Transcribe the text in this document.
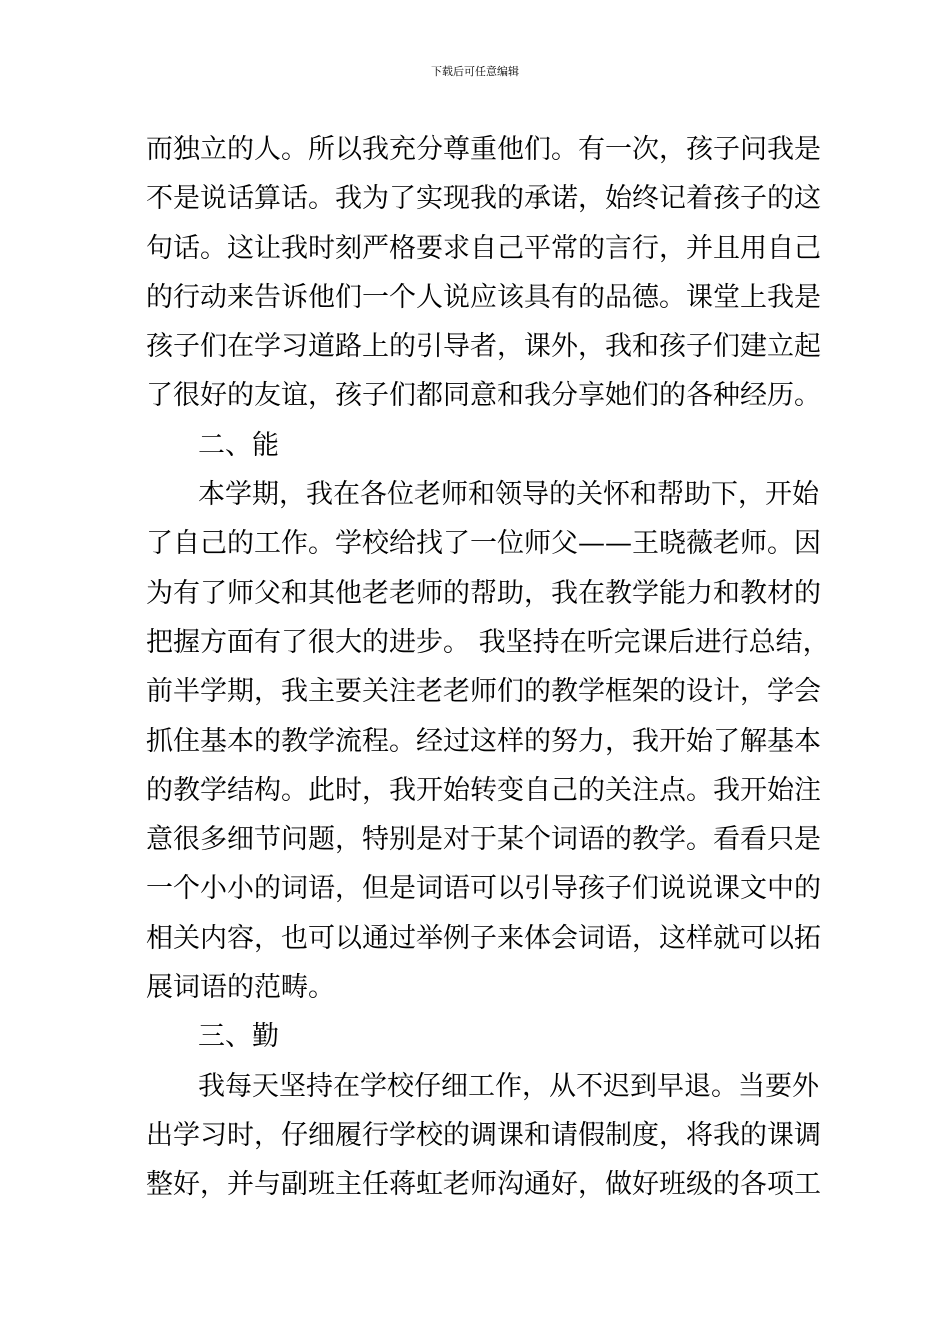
下载后可任意编辑
而独立的人。所以我充分尊重他们。有一次，孩子问我是
不是说话算话。我为了实现我的承诺，始终记着孩子的这
句话。这让我时刻严格要求自己平常的言行，并且用自己
的行动来告诉他们一个人说应该具有的品德。课堂上我是
孩子们在学习道路上的引导者，课外，我和孩子们建立起
了很好的友谊，孩子们都同意和我分享她们的各种经历。
二、能
本学期，我在各位老师和领导的关怀和帮助下，开始
了自己的工作。学校给找了一位师父——王晓薇老师。因
为有了师父和其他老老师的帮助，我在教学能力和教材的
把握方面有了很大的进步。 我坚持在听完课后进行总结，
前半学期，我主要关注老老师们的教学框架的设计，学会
抓住基本的教学流程。经过这样的努力，我开始了解基本
的教学结构。此时，我开始转变自己的关注点。我开始注
意很多细节问题，特别是对于某个词语的教学。看看只是
一个小小的词语，但是词语可以引导孩子们说说课文中的
相关内容，也可以通过举例子来体会词语，这样就可以拓
展词语的范畴。
三、勤
我每天坚持在学校仔细工作，从不迟到早退。当要外
出学习时，仔细履行学校的调课和请假制度，将我的课调
整好，并与副班主任蒋虹老师沟通好，做好班级的各项工
